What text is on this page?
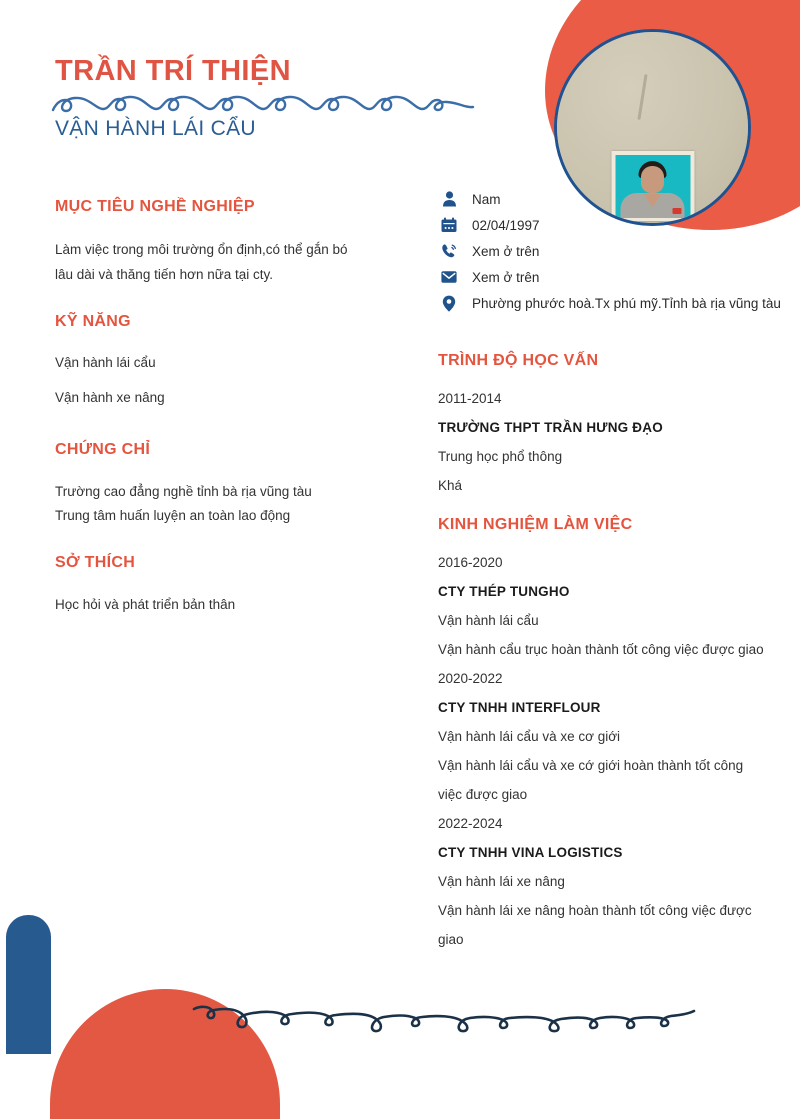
TRẦN TRÍ THIỆN
VẬN HÀNH LÁI CẨU
MỤC TIÊU NGHỀ NGHIỆP
Làm việc trong môi trường ổn định,có thể gắn bó lâu dài và thăng tiến hơn nữa tại cty.
KỸ NĂNG
Vận hành lái cẩu
Vận hành xe nâng
CHỨNG CHỈ
Trường cao đẳng nghề tỉnh bà rịa vũng tàu
Trung tâm huấn luyện an toàn lao động
SỞ THÍCH
Học hỏi và phát triển bản thân
Nam
02/04/1997
Xem ở trên
Xem ở trên
Phường phước hoà.Tx phú mỹ.Tỉnh bà rịa vũng tàu
TRÌNH ĐỘ HỌC VẤN
2011-2014
TRƯỜNG THPT TRẦN HƯNG ĐẠO
Trung học phổ thông
Khá
KINH NGHIỆM LÀM VIỆC
2016-2020
CTY THÉP TUNGHO
Vận hành lái cẩu
Vận hành cẩu trục hoàn thành tốt công việc được giao
2020-2022
CTY TNHH INTERFLOUR
Vận hành lái cẩu và xe cơ giới
Vận hành lái cẩu và xe cớ giới hoàn thành tốt công việc được giao
2022-2024
CTY TNHH VINA LOGISTICS
Vận hành lái xe nâng
Vận hành lái xe nâng hoàn thành tốt công việc được giao
